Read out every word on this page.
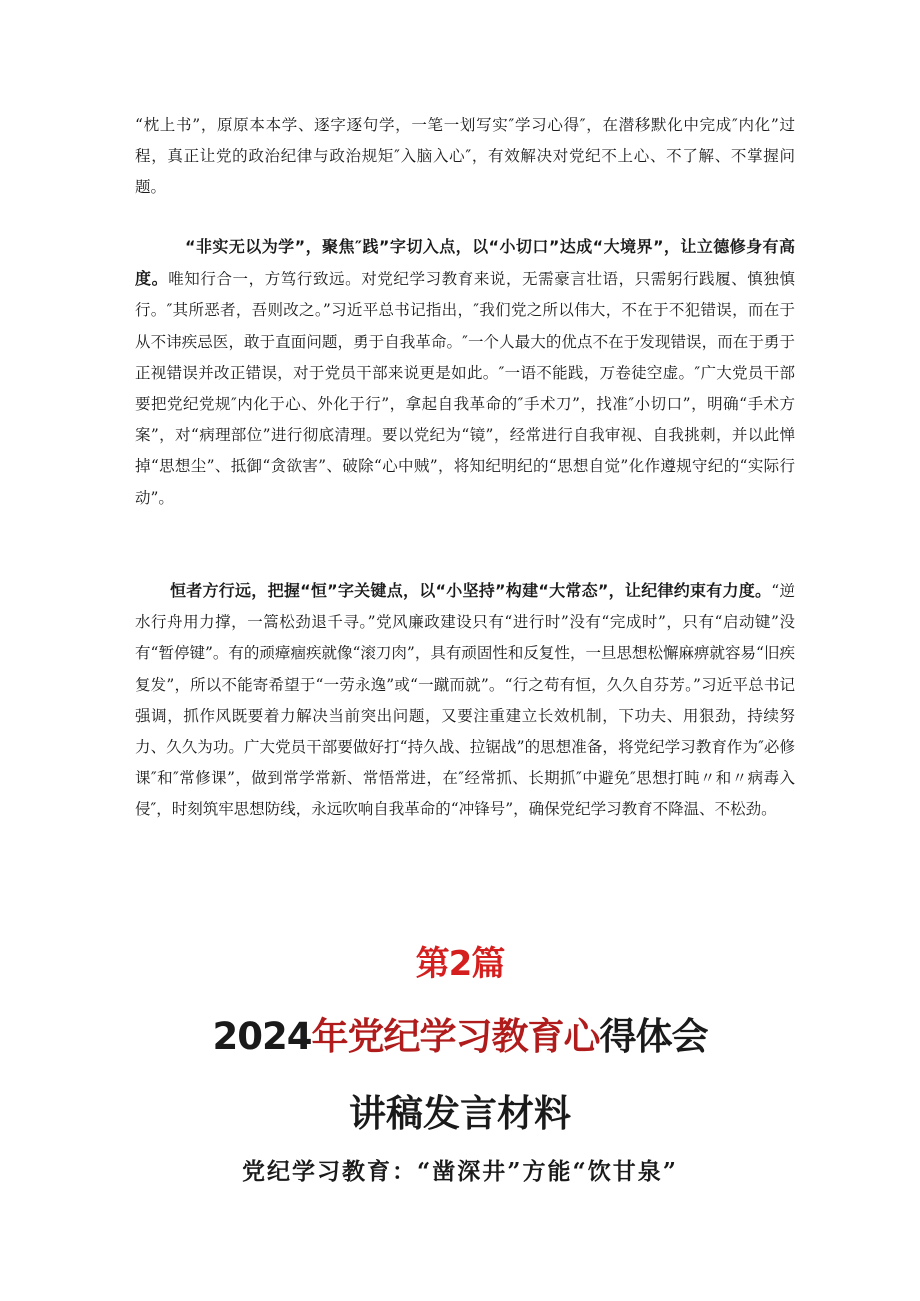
“枕上书”，原原本本学、逐字逐句学，一笔一划写实″学习心得″，在潜移默化中完成″内化”过程，真正让党的政治纪律与政治规矩″入脑入心″，有效解决对党纪不上心、不了解、不掌握问题。

“非实无以为学”，聚焦″践”字切入点，以“小切口”达成“大境界”，让立德修身有高度。唯知行合一，方笃行致远。对党纪学习教育来说，无需豪言壮语，只需躬行践履、慎独慎行。″其所恶者，吾则改之。”习近平总书记指出，″我们党之所以伟大，不在于不犯错误，而在于从不讳疾忌医，敢于直面问题，勇于自我革命。″一个人最大的优点不在于发现错误，而在于勇于正视错误并改正错误，对于党员干部来说更是如此。″一语不能践，万卷徒空虚。″广大党员干部要把党纪党规″内化于心、外化于行”，拿起自我革命的″手术刀”，找准″小切口”，明确“手术方案”，对“病理部位”进行彻底清理。要以党纪为“镜”，经常进行自我审视、自我挑刺，并以此惮掉“思想尘”、抵御“贪欲害”、破除“心中贼”，将知纪明纪的“思想自觉”化作遵规守纪的“实际行动”。

恒者方行远，把握“恒”字关键点，以“小坚持”构建“大常态”，让纪律约束有力度。“逆水行舟用力撑，一篙松劲退千寻。”党风廉政建设只有“进行时”没有“完成时”，只有“启动键”没有“暂停键”。有的顽瘴痼疾就像“滚刀肉”，具有顽固性和反复性，一旦思想松懈麻痹就容易“旧疾复发”，所以不能寄希望于“一劳永逸”或“一蹴而就”。“行之苟有恒，久久自芬芳。”习近平总书记强调，抓作风既要着力解决当前突出问题，又要注重建立长效机制，下功夫、用狠劲，持续努力、久久为功。广大党员干部要做好打“持久战、拉锯战”的思想准备，将党纪学习教育作为″必修课″和″常修课”，做到常学常新、常悟常进，在″经常抓、长期抓″中避免″思想打盹〃和〃病毒入侵″，时刻筑牢思想防线，永远吹响自我革命的“冲锋号”，确保党纪学习教育不降温、不松劲。

第2篇
2024年党纪学习教育心得体会
讲稿发言材料
党纪学习教育：“凿深井”方能“饮甘泉”
